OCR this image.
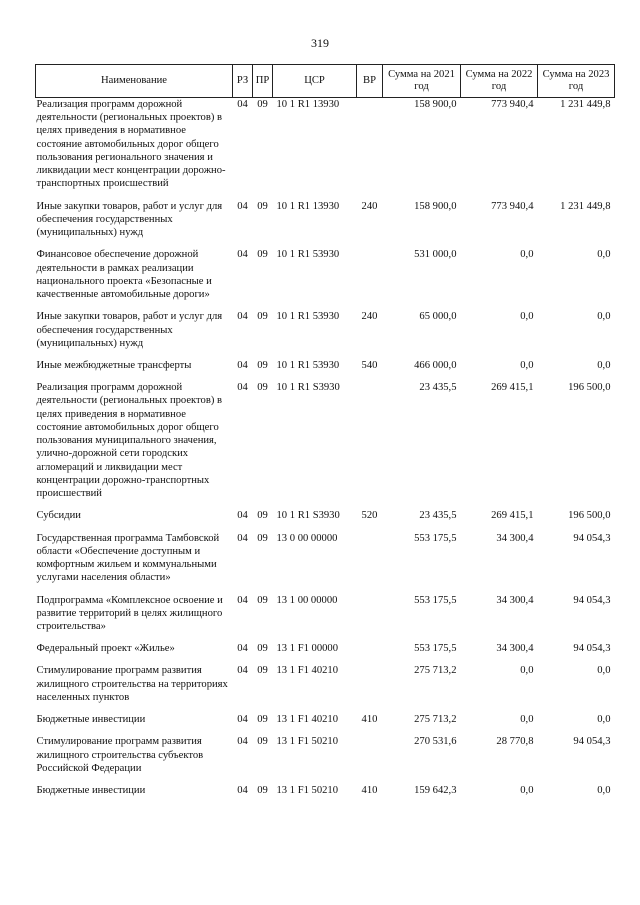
319
Наименование	РЗ	ПР	ЦСР	ВР	Сумма на 2021 год	Сумма на 2022 год	Сумма на 2023 год
Реализация программ дорожной деятельности (региональных проектов) в целях приведения в нормативное состояние автомобильных дорог общего пользования регионального значения и ликвидации мест концентрации дорожно-транспортных происшествий	04	09	10 1 R1 13930		158 900,0	773 940,4	1 231 449,8
Иные закупки товаров, работ и услуг для обеспечения государственных (муниципальных) нужд	04	09	10 1 R1 13930	240	158 900,0	773 940,4	1 231 449,8
Финансовое обеспечение дорожной деятельности в рамках реализации национального проекта «Безопасные и качественные автомобильные дороги»	04	09	10 1 R1 53930		531 000,0	0,0	0,0
Иные закупки товаров, работ и услуг для обеспечения государственных (муниципальных) нужд	04	09	10 1 R1 53930	240	65 000,0	0,0	0,0
Иные межбюджетные трансферты	04	09	10 1 R1 53930	540	466 000,0	0,0	0,0
Реализация программ дорожной деятельности (региональных проектов) в целях приведения в нормативное состояние автомобильных дорог общего пользования муниципального значения, улично-дорожной сети городских агломераций и ликвидации мест концентрации дорожно-транспортных происшествий	04	09	10 1 R1 S3930		23 435,5	269 415,1	196 500,0
Субсидии	04	09	10 1 R1 S3930	520	23 435,5	269 415,1	196 500,0
Государственная программа Тамбовской области «Обеспечение доступным и комфортным жильем и коммунальными услугами населения области»	04	09	13 0 00 00000		553 175,5	34 300,4	94 054,3
Подпрограмма «Комплексное освоение и развитие территорий в целях жилищного строительства»	04	09	13 1 00 00000		553 175,5	34 300,4	94 054,3
Федеральный проект «Жилье»	04	09	13 1 F1 00000		553 175,5	34 300,4	94 054,3
Стимулирование программ развития жилищного строительства на территориях населенных пунктов	04	09	13 1 F1 40210		275 713,2	0,0	0,0
Бюджетные инвестиции	04	09	13 1 F1 40210	410	275 713,2	0,0	0,0
Стимулирование программ развития жилищного строительства субъектов Российской Федерации	04	09	13 1 F1 50210		270 531,6	28 770,8	94 054,3
Бюджетные инвестиции	04	09	13 1 F1 50210	410	159 642,3	0,0	0,0
